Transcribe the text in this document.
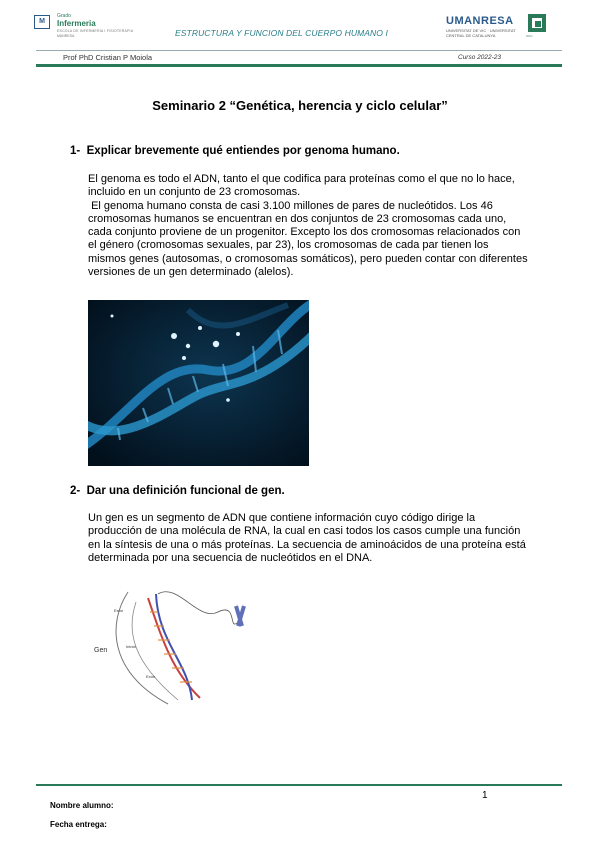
M
Grado
Infermeria
ESCOLA DE INFERMERIA I FISIOTERAPIA
MANRESA	ESTRUCTURA Y FUNCION DEL CUERPO HUMANO I
UMANRESA
UNIVERSITAT DE VIC · UNIVERSITAT CENTRAL DE CATALUNYA	UCC
Prof PhD Cristian P Moiola	Curso 2022-23
Seminario 2 “Genética, herencia y ciclo celular”
1- Explicar brevemente qué entiendes por genoma humano.
El genoma es todo el ADN, tanto el que codifica para proteínas como el que no lo hace, incluido en un conjunto de 23 cromosomas.
El genoma humano consta de casi 3.100 millones de pares de nucleótidos. Los 46 cromosomas humanos se encuentran en dos conjuntos de 23 cromosomas cada uno, cada conjunto proviene de un progenitor. Excepto los dos cromosomas relacionados con el género (cromosomas sexuales, par 23), los cromosomas de cada par tienen los mismos genes (autosomas, o cromosomas somáticos), pero pueden contar con diferentes versiones de un gen determinado (alelos).
2- Dar una definición funcional de gen.
Un gen es un segmento de ADN que contiene información cuyo código dirige la producción de una molécula de RNA, la cual en casi todos los casos cumple una función en la síntesis de una o más proteínas. La secuencia de aminoácidos de una proteína está determinada por una secuencia de nucleótidos en el DNA.
Gen
Exón
Intrón
Exón
1
Nombre alumno:
Fecha entrega:
